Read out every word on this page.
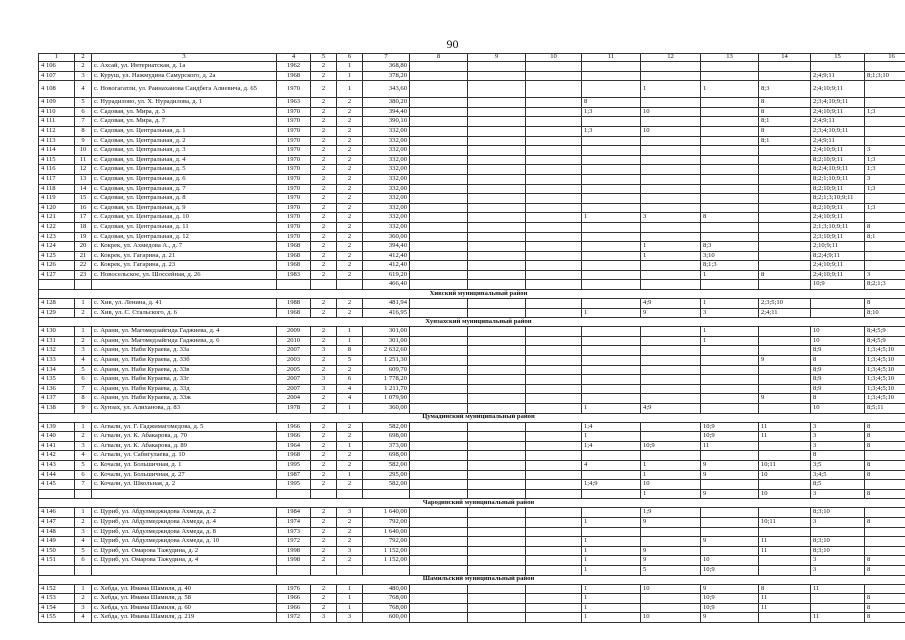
90
1	2	3	4	5	6	7	8	9	10	11	12	13	14	15	16
4 106	2	с. Ахсай, ул. Интернатская, д. 1а	1962	2	1	368,80									
4 107	3	с. Куруш, ул. Нажмудина Самурского, д. 2а	1968	2	1	378,20								2;4;9;11	8;1;3;10
4 108	4	с. Новогагатли, ул. Раинаханова Саидбега Алиевича, д. 65	1970	2	1	343,60					1	1	8;3	2;4;10;9;11	
4 109	5	с. Нурадилово, ул. Х. Нурадилова, д. 1	1963	2	2	380,20				8			8	2;3;4;10;9;11	
4 110	6	с. Садовая, ул. Мира, д. 3	1970	2	2	394,40				1;3	10		8	2;4;10;9;11	1;3
4 111	7	с. Садовая, ул. Мира, д. 7	1970	2	2	390,10							8;1	2;4;9;11	
4 112	8	с. Садовая, ул. Центральная, д. 1	1970	2	2	332,00				1;3	10		8	2;3;4;10;9;11	
4 113	9	с. Садовая, ул. Центральная, д. 2	1970	2	2	332,00							8;1	2;4;9;11	
4 114	10	с. Садовая, ул. Центральная, д. 3	1970	2	2	332,00								2;4;10;9;11	3
4 115	11	с. Садовая, ул. Центральная, д. 4	1970	2	2	332,00								8;2;10;9;11	1;3
4 116	12	с. Садовая, ул. Центральная, д. 5	1970	2	2	332,00								8;2;4;10;9;11	1;3
4 117	13	с. Садовая, ул. Центральная, д. 6	1970	2	2	332,00								8;2;1;10;9;11	3
4 118	14	с. Садовая, ул. Центральная, д. 7	1970	2	2	332,00								8;2;10;9;11	1;3
4 119	15	с. Садовая, ул. Центральная, д. 8	1970	2	2	332,00								8;2;1;3;10;9;11	
4 120	16	с. Садовая, ул. Центральная, д. 9	1970	2	2	332,00								8;2;10;9;11	1;3
4 121	17	с. Садовая, ул. Центральная, д. 10	1970	2	2	332,00				1	3	8		2;4;10;9;11	
4 122	18	с. Садовая, ул. Центральная, д. 11	1970	2	2	332,00								2;1;3;10;9;11	8
4 123	19	с. Садовая, ул. Центральная, д. 12	1970	2	2	360,00								2;3;10;9;11	8;1
4 124	20	с. Кокрек, ул. Ахмедова А., д. 7	1968	2	2	394,40					1	8;3		2;10;9;11	
4 125	21	с. Кокрек, ул. Гагарина, д. 21	1968	2	2	412,40					1	3;10		8;2;4;9;11	
4 126	22	с. Кокрек, ул. Гагарина, д. 23	1968	2	2	412,40						8;1;3		2;4;10;9;11	
4 127	23	с. Новосельское, ул. Шоссейная, д. 26	1983	2	2	619,20						1	8	2;4;10;9;11	3
						466,40								10;9	8;2;1;3
Хивский муниципальный район															
4 128	1	с. Хив, ул. Ленина, д. 41	1988	2	2	481,94					4;9	1	2;3;5;10		8
4 129	2	с. Хив, ул. С. Стальского, д. 6	1968	2	2	416,95				1	9	3	2;4;11		8;10
Хунзахский муниципальный район															
4 130	1	с. Арани, ул. Магомедзайгида Гаджиева, д. 4	2009	2	1	301,00						1		10	8;4;5;9
4 131	2	с. Арани, ул. Магомедзайгида Гаджиева, д. 6	2010	2	1	301,00						1		10	8;4;5;9
4 132	3	с. Арани, ул. Наби Кураева, д. 33а	2007	3	8	2 632,60								8;9	1;3;4;5;10
4 133	4	с. Арани, ул. Наби Кураева, д. 33б	2003	2	5	1 251,30							9	8	1;3;4;5;10
4 134	5	с. Арани, ул. Наби Кураева, д. 33в	2005	2	2	609,70								8;9	1;3;4;5;10
4 135	6	с. Арани, ул. Наби Кураева, д. 33г	2007	3	6	1 778,20								8;9	1;3;4;5;10
4 136	7	с. Арани, ул. Наби Кураева, д. 33д	2007	3	4	1 211,70								8;9	1;3;4;5;10
4 137	8	с. Арани, ул. Наби Кураева, д. 33ж	2004	2	4	1 079,90							9	8	1;3;4;5;10
4 138	9	с. Хунзах, ул. Алиханова, д. 83	1978	2	1	360,00				1	4;9			10	8;5;11
Цумадинский муниципальный район															
4 139	1	с. Агвали, ул. Г. Гаджимагомедова, д. 5	1966	2	2	582,00				1;4		10;9	11	3	8
4 140	2	с. Агвали, ул. К. Абакарова, д. 70	1966	2	2	698,00				1		10;9	11	3	8
4 141	3	с. Агвали, ул. К. Абакарова, д. 89	1964	2	1	373,00				1;4	10;9	11		3	8
4 142	4	с. Агвали, ул. Сабигулаева, д. 10	1968	2	2	698,00								8	
4 143	5	с. Кочали, ул. Большичная, д. 1	1995	2	2	582,00				4	1	9	10;11	3;5	8
4 144	6	с. Кочали, ул. Большичная, д. 27	1987	2	1	295,00					1	9	10	3;4;5	8
4 145	7	с. Кочали, ул. Школьная, д. 2	1995	2	2	582,00				1;4;9	10			8;5	
											1	9	10	3	8
Чародинский муниципальный район															
4 146	1	с. Цуриб, ул. Абдулмеджидова Ахмеда, д. 2	1984	2	3	1 640,00					1;9			8;3;10	
4 147	2	с. Цуриб, ул. Абдулмеджидова Ахмеда, д. 4	1974	2	2	792,00				1	9		10;11	3	8
4 148	3	с. Цуриб, ул. Абдулмеджидова Ахмеда, д. 8	1973	2	2	1 640,00									
4 149	4	с. Цуриб, ул. Абдулмеджидова Ахмеда, д. 10	1972	2	2	792,00				1		9	11	8;3;10	
4 150	5	с. Цуриб, ул. Омарова Тажудина, д. 2	1998	2	3	1 152,00				1	9		11	8;3;10	
4 151	6	с. Цуриб, ул. Омарова Тажудина, д. 4	1998	2	2	1 152,00				1	9	10		3	8
										1	5	10;9		3	8
Шамильский муниципальный район															
4 152	1	с. Хебда, ул. Имама Шамиля, д. 40	1976	2	1	480,00				1	10	9	8	11	
4 153	2	с. Хебда, ул. Имама Шамиля, д. 58	1966	2	1	768,00				1		10;9	11		8
4 154	3	с. Хебда, ул. Имама Шамиля, д. 60	1966	2	1	768,00				1		10;9	11		8
4 155	4	с. Хебда, ул. Имама Шамиля, д. 219	1972	3	3	600,00				1	10	9		11	8
